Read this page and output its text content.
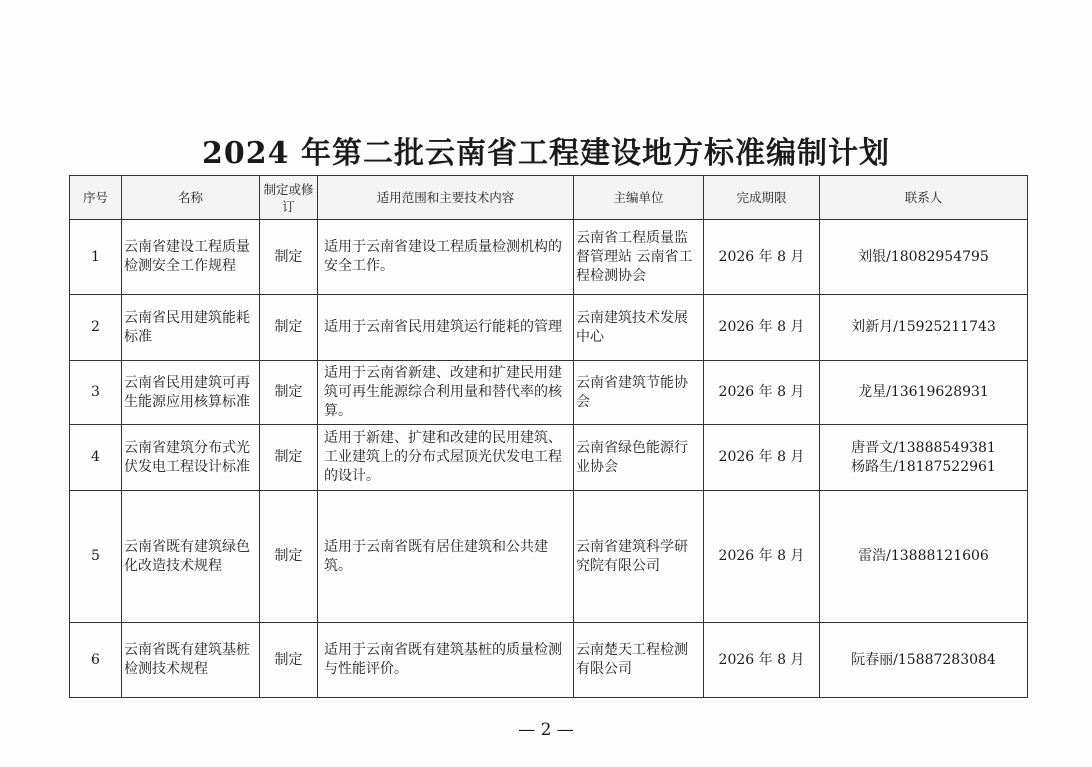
2024 年第二批云南省工程建设地方标准编制计划
序号	名称	制定或修订	适用范围和主要技术内容	主编单位	完成期限	联系人
1	云南省建设工程质量检测安全工作规程	制定	适用于云南省建设工程质量检测机构的安全工作。	云南省工程质量监督管理站 云南省工程检测协会	2026 年 8 月	刘银/18082954795

2	云南省民用建筑能耗标准	制定	适用于云南省民用建筑运行能耗的管理	云南建筑技术发展中心	2026 年 8 月	刘新月/15925211743

3	云南省民用建筑可再生能源应用核算标准	制定	适用于云南省新建、改建和扩建民用建筑可再生能源综合利用量和替代率的核算。	云南省建筑节能协会	2026 年 8 月	龙星/13619628931

4	云南省建筑分布式光伏发电工程设计标准	制定	适用于新建、扩建和改建的民用建筑、工业建筑上的分布式屋顶光伏发电工程的设计。	云南省绿色能源行业协会	2026 年 8 月	唐晋文/13888549381
杨路生/18187522961

5	云南省既有建筑绿色化改造技术规程	制定	适用于云南省既有居住建筑和公共建筑。	云南省建筑科学研究院有限公司	2026 年 8 月	雷浩/13888121606

6	云南省既有建筑基桩检测技术规程	制定	适用于云南省既有建筑基桩的质量检测与性能评价。	云南楚天工程检测有限公司	2026 年 8 月	阮春丽/15887283084
— 2 —
